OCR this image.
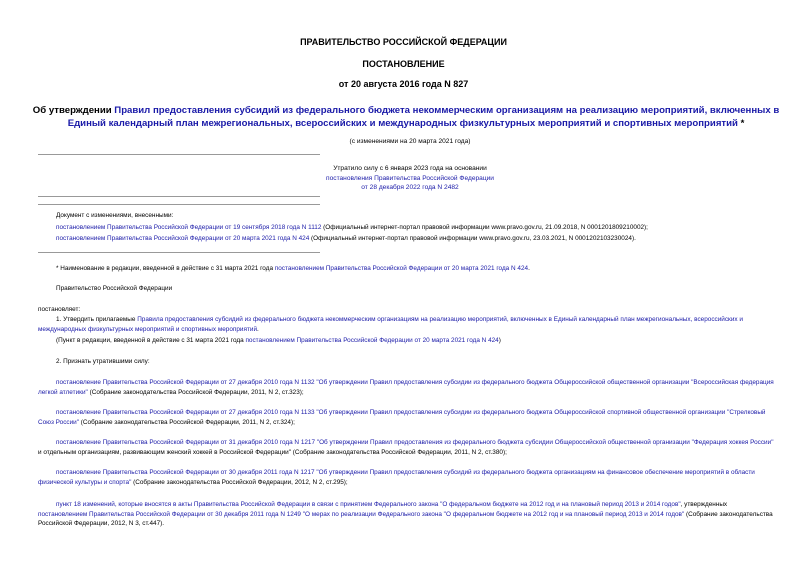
ПРАВИТЕЛЬСТВО РОССИЙСКОЙ ФЕДЕРАЦИИ
ПОСТАНОВЛЕНИЕ
от 20 августа 2016 года N 827
Об утверждении Правил предоставления субсидий из федерального бюджета некоммерческим организациям на реализацию мероприятий, включенных в Единый календарный план межрегиональных, всероссийских и международных физкультурных мероприятий и спортивных мероприятий *
(с изменениями на 20 марта 2021 года)

Утратило силу с 6 января 2023 года на основании

постановления Правительства Российской Федерации

от 28 декабря 2022 года N 2482

Документ с изменениями, внесенными:

постановлением Правительства Российской Федерации от 19 сентября 2018 года N 1112 (Официальный интернет-портал правовой информации www.pravo.gov.ru, 21.09.2018, N 0001201809210002);

постановлением Правительства Российской Федерации от 20 марта 2021 года N 424 (Официальный интернет-портал правовой информации www.pravo.gov.ru, 23.03.2021, N 0001202103230024).

* Наименование в редакции, введенной в действие с 31 марта 2021 года постановлением Правительства Российской Федерации от 20 марта 2021 года N 424.
Правительство Российской Федерации
постановляет:
1. Утвердить прилагаемые Правила предоставления субсидий из федерального бюджета некоммерческим организациям на реализацию мероприятий, включенных в Единый календарный план межрегиональных, всероссийских и международных физкультурных мероприятий и спортивных мероприятий.
(Пункт в редакции, введенной в действие с 31 марта 2021 года постановлением Правительства Российской Федерации от 20 марта 2021 года N 424)
2. Признать утратившими силу:
постановление Правительства Российской Федерации от 27 декабря 2010 года N 1132 "Об утверждении Правил предоставления субсидии из федерального бюджета Общероссийской общественной организации "Всероссийская федерация легкой атлетики" (Собрание законодательства Российской Федерации, 2011, N 2, ст.323);
постановление Правительства Российской Федерации от 27 декабря 2010 года N 1133 "Об утверждении Правил предоставления субсидии из федерального бюджета Общероссийской спортивной общественной организации "Стрелковый Союз России" (Собрание законодательства Российской Федерации, 2011, N 2, ст.324);
постановление Правительства Российской Федерации от 31 декабря 2010 года N 1217 "Об утверждении Правил предоставления из федерального бюджета субсидии Общероссийской общественной организации "Федерация хоккея России" и отдельным организациям, развивающим женский хоккей в Российской Федерации" (Собрание законодательства Российской Федерации, 2011, N 2, ст.380);
постановление Правительства Российской Федерации от 30 декабря 2011 года N 1217 "Об утверждении Правил предоставления субсидий из федерального бюджета организациям на финансовое обеспечение мероприятий в области физической культуры и спорта" (Собрание законодательства Российской Федерации, 2012, N 2, ст.295);
пункт 18 изменений, которые вносятся в акты Правительства Российской Федерации в связи с принятием Федерального закона "О федеральном бюджете на 2012 год и на плановый период 2013 и 2014 годов", утвержденных постановлением Правительства Российской Федерации от 30 декабря 2011 года N 1249 "О мерах по реализации Федерального закона "О федеральном бюджете на 2012 год и на плановый период 2013 и 2014 годов" (Собрание законодательства Российской Федерации, 2012, N 3, ст.447).
